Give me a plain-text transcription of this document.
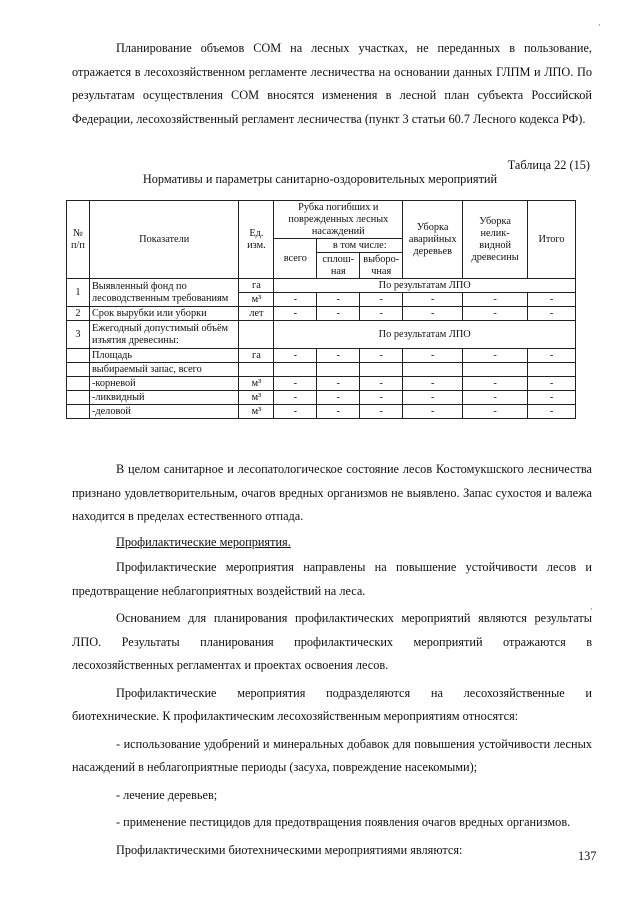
·

Планирование объемов СОМ на лесных участках, не переданных в пользование, отражается в лесохозяйственном регламенте лесничества на основании данных ГЛПМ и ЛПО. По результатам осуществления СОМ вносятся изменения в лесной план субъекта Российской Федерации, лесохозяйственный регламент лесничества (пункт 3 статьи 60.7 Лесного кодекса РФ).

Таблица 22 (15)
Нормативы и параметры санитарно-оздоровительных мероприятий
№ п/п	Показатели	Ед. изм.	Рубка погибших и поврежденных лесных насаждений			Уборка аварийных деревьев	Уборка нелик-видной древесины	Итого
			всего	в том числе:				
				сплош-ная	выборо-чная			
1	Выявленный фонд по лесоводственным требованиям	га	По результатам ЛПО					
		м³	-	-	-	-	-	-
2	Срок вырубки или уборки	лет	-	-	-	-	-	-
3	Ежегодный допустимый объём изъятия древесины:		По результатам ЛПО					
	Площадь	га	-	-	-	-	-	-
	выбираемый запас, всего							
	-корневой	м³	-	-	-	-	-	-
	-ликвидный	м³	-	-	-	-	-	-
	-деловой	м³	-	-	-	-	-	-

В целом санитарное и лесопатологическое состояние лесов Костомукшского лесничества признано удовлетворительным, очагов вредных организмов не выявлено. Запас сухостоя и валежа находится в пределах естественного отпада.

Профилактические мероприятия.

Профилактические мероприятия направлены на повышение устойчивости лесов и предотвращение неблагоприятных воздействий на леса.

Основанием для планирования профилактических мероприятий являются результаты ЛПО. Результаты планирования профилактических мероприятий отражаются в лесохозяйственных регламентах и проектах освоения лесов.

Профилактические мероприятия подразделяются на лесохозяйственные и биотехнические. К профилактическим лесохозяйственным мероприятиям относятся:

- использование удобрений и минеральных добавок для повышения устойчивости лесных насаждений в неблагоприятные периоды (засуха, повреждение насекомыми);

- лечение деревьев;

- применение пестицидов для предотвращения появления очагов вредных организмов.

Профилактическими биотехническими мероприятиями являются:

·
137
